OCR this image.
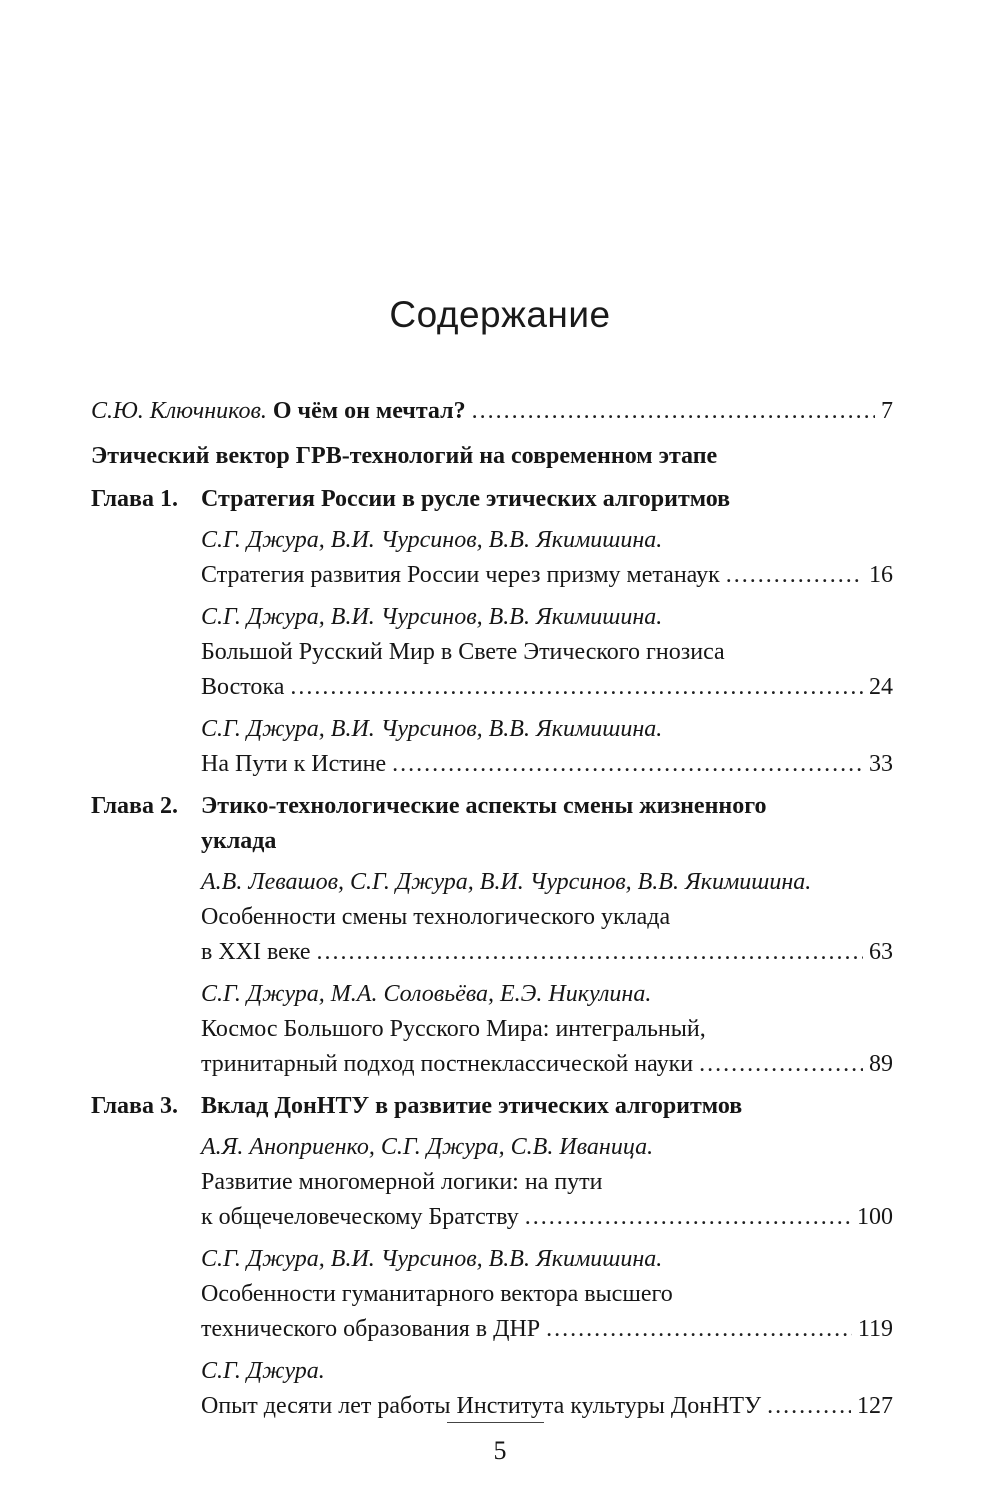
Содержание
С.Ю. Ключников. О чём он мечтал? .....	7
Этический вектор ГРВ-технологий на современном этапе
Глава 1. Стратегия России в русле этических алгоритмов
С.Г. Джура, В.И. Чурсинов, В.В. Якимишина.
Стратегия развития России через призму метанаук .....	16
С.Г. Джура, В.И. Чурсинов, В.В. Якимишина.
Большой Русский Мир в Свете Этического гнозиса
Востока .....	24
С.Г. Джура, В.И. Чурсинов, В.В. Якимишина.
На Пути к Истине .....	33
Глава 2. Этико-технологические аспекты смены жизненного уклада
А.В. Левашов, С.Г. Джура, В.И. Чурсинов, В.В. Якимишина.
Особенности смены технологического уклада
в XXI веке .....	63
С.Г. Джура, М.А. Соловьёва, Е.Э. Никулина.
Космос Большого Русского Мира: интегральный,
тринитарный подход постнеклассической науки .....	89
Глава 3. Вклад ДонНТУ в развитие этических алгоритмов
А.Я. Аноприенко, С.Г. Джура, С.В. Иваница.
Развитие многомерной логики: на пути
к общечеловеческому Братству .....	100
С.Г. Джура, В.И. Чурсинов, В.В. Якимишина.
Особенности гуманитарного вектора высшего
технического образования в ДНР .....	119
С.Г. Джура.
Опыт десяти лет работы Института культуры ДонНТУ .....	127
5
